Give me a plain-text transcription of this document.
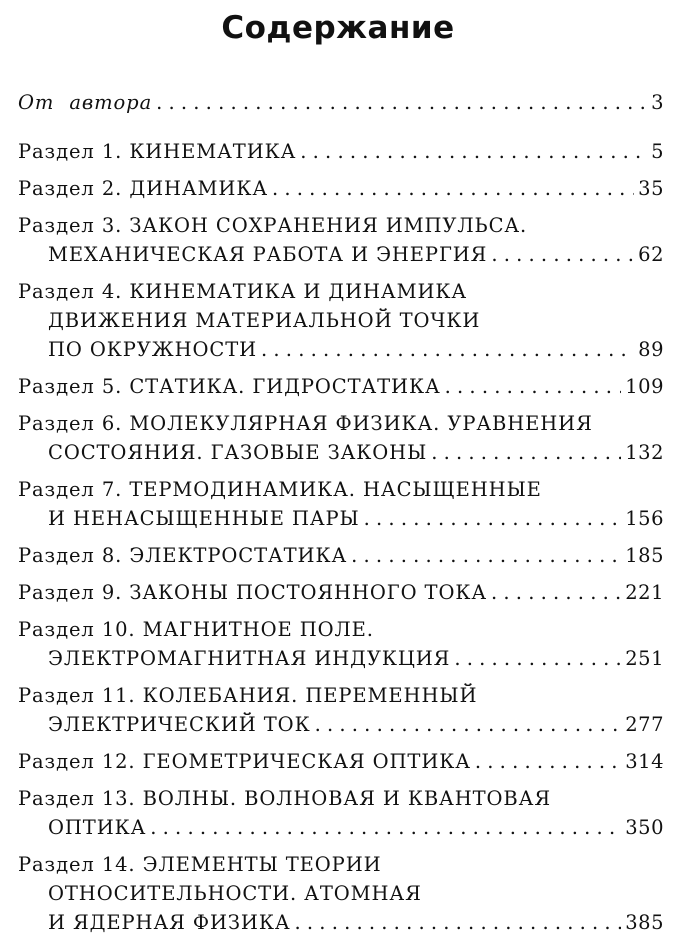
Содержание
От автора . . .	3
Раздел 1. КИНЕМАТИКА . . .	5
Раздел 2. ДИНАМИКА . . .	35
Раздел 3. ЗАКОН СОХРАНЕНИЯ ИМПУЛЬСА.
МЕХАНИЧЕСКАЯ РАБОТА И ЭНЕРГИЯ . . .	62
Раздел 4. КИНЕМАТИКА И ДИНАМИКА
ДВИЖЕНИЯ МАТЕРИАЛЬНОЙ ТОЧКИ
ПО ОКРУЖНОСТИ . . .	89
Раздел 5. СТАТИКА. ГИДРОСТАТИКА . . .	109
Раздел 6. МОЛЕКУЛЯРНАЯ ФИЗИКА. УРАВНЕНИЯ
СОСТОЯНИЯ. ГАЗОВЫЕ ЗАКОНЫ . . .	132
Раздел 7. ТЕРМОДИНАМИКА. НАСЫЩЕННЫЕ
И НЕНАСЫЩЕННЫЕ ПАРЫ . . .	156
Раздел 8. ЭЛЕКТРОСТАТИКА . . .	185
Раздел 9. ЗАКОНЫ ПОСТОЯННОГО ТОКА . . .	221
Раздел 10. МАГНИТНОЕ ПОЛЕ.
ЭЛЕКТРОМАГНИТНАЯ ИНДУКЦИЯ . . .	251
Раздел 11. КОЛЕБАНИЯ. ПЕРЕМЕННЫЙ
ЭЛЕКТРИЧЕСКИЙ ТОК . . .	277
Раздел 12. ГЕОМЕТРИЧЕСКАЯ ОПТИКА . . .	314
Раздел 13. ВОЛНЫ. ВОЛНОВАЯ И КВАНТОВАЯ
ОПТИКА . . .	350
Раздел 14. ЭЛЕМЕНТЫ ТЕОРИИ
ОТНОСИТЕЛЬНОСТИ. АТОМНАЯ
И ЯДЕРНАЯ ФИЗИКА . . .	385
